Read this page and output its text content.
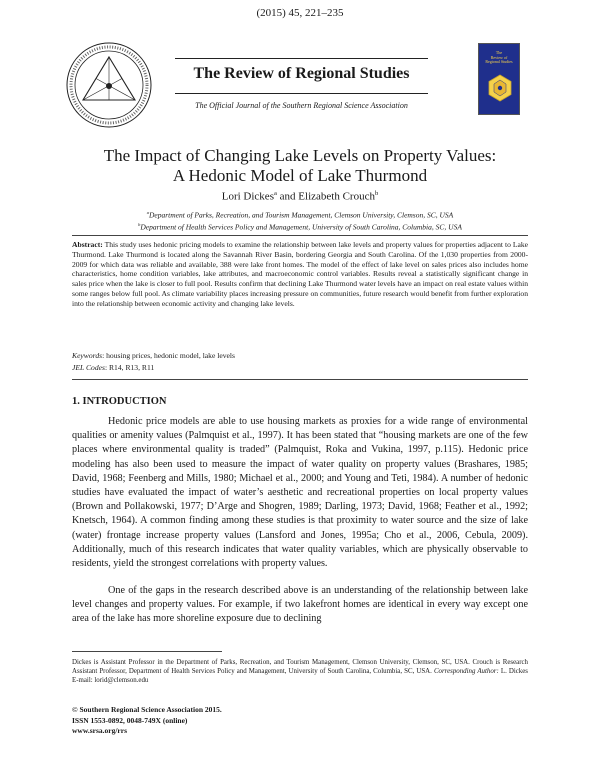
(2015) 45, 221–235
The Review of Regional Studies
The Official Journal of the Southern Regional Science Association
The
Review of
Regional Studies
The Impact of Changing Lake Levels on Property Values:
A Hedonic Model of Lake Thurmond
Lori Dickes$^a$ and Elizabeth Crouch$^b$
$^a$Department of Parks, Recreation, and Tourism Management, Clemson University, Clemson, SC, USA
$^b$Department of Health Services Policy and Management, University of South Carolina, Columbia, SC, USA
Abstract: This study uses hedonic pricing models to examine the relationship between lake levels and property values for properties adjacent to Lake Thurmond. Lake Thurmond is located along the Savannah River Basin, bordering Georgia and South Carolina. Of the 1,030 properties from 2000-2009 for which data was reliable and available, 388 were lake front homes. The model of the effect of lake level on sales prices also includes home characteristics, home condition variables, lake attributes, and macroeconomic control variables. Results reveal a statistically significant change in sales price when the lake is closer to full pool. Results confirm that declining Lake Thurmond water levels have an impact on real estate values within some ranges below full pool. As climate variability places increasing pressure on communities, future research would benefit from further exploration into the relationship between economic activity and changing lake levels.
Keywords: housing prices, hedonic model, lake levels
JEL Codes: R14, R13, R11
1. INTRODUCTION
Hedonic price models are able to use housing markets as proxies for a wide range of environmental qualities or amenity values (Palmquist et al., 1997). It has been stated that “housing markets are one of the few places where environmental quality is traded” (Palmquist, Roka and Vukina, 1997, p.115). Hedonic price modeling has also been used to measure the impact of water quality on property values (Brashares, 1985; David, 1968; Feenberg and Mills, 1980; Michael et al., 2000; and Young and Teti, 1984). A number of hedonic studies have evaluated the impact of water’s aesthetic and recreational properties on local property values (Brown and Pollakowski, 1977; D’Arge and Shogren, 1989; Darling, 1973; David, 1968; Feather et al., 1992; Knetsch, 1964). A common finding among these studies is that proximity to water source and the size of lake (water) frontage increase property values (Lansford and Jones, 1995a; Cho et al., 2006, Cebula, 2009). Additionally, much of this research indicates that water quality variables, which are physically observable to residents, yield the strongest correlations with property values.
One of the gaps in the research described above is an understanding of the relationship between lake level changes and property values. For example, if two lakefront homes are identical in every way except one area of the lake has more shoreline exposure due to declining
Dickes is Assistant Professor in the Department of Parks, Recreation, and Tourism Management, Clemson University, Clemson, SC, USA. Crouch is Research Assistant Professor, Department of Health Services Policy and Management, University of South Carolina, Columbia, SC, USA. Corresponding Author: L. Dickes E-mail: lorid@clemson.edu
© Southern Regional Science Association 2015.
ISSN 1553-0892, 0048-749X (online)
www.srsa.org/rrs
